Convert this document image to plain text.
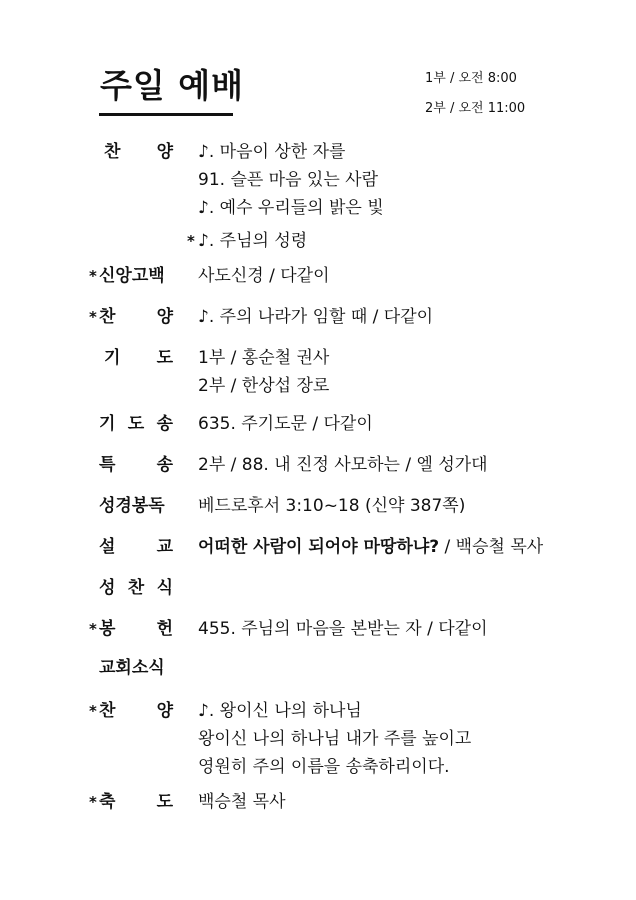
주일 예배	1부 / 오전 8:00
2부 / 오전 11:00
찬 양 ♪. 마음이 상한 자를
91. 슬픈 마음 있는 사람
♪. 예수 우리들의 밝은 빛
♪. 주님의 성령
*
* 신앙고백 사도신경 / 다같이
* 찬 양 ♪. 주의 나라가 임할 때 / 다같이
기 도 1부 / 홍순철 권사
2부 / 한상섭 장로
기 도 송 635. 주기도문 / 다같이
특 송 2부 / 88. 내 진정 사모하는 / 엘 성가대
성경봉독 베드로후서 3:10~18 (신약 387쪽)
설 교 어떠한 사람이 되어야 마땅하냐? / 백승철 목사
성 찬 식
* 봉 헌 455. 주님의 마음을 본받는 자 / 다같이
교회소식
* 찬 양 ♪. 왕이신 나의 하나님
왕이신 나의 하나님 내가 주를 높이고
영원히 주의 이름을 송축하리이다.
* 축 도 백승철 목사
